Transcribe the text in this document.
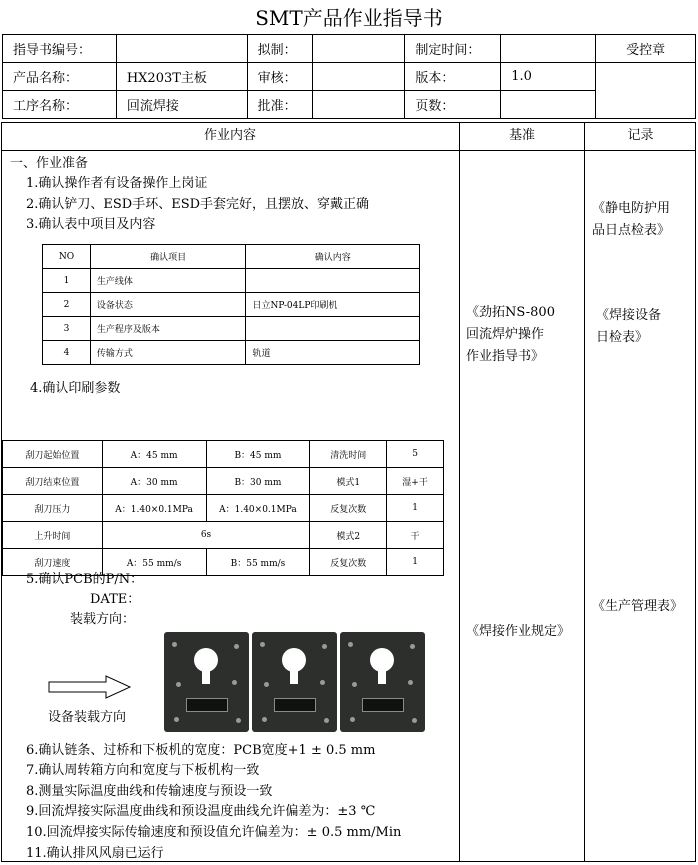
SMT产品作业指导书
指导书编号：		拟制：		制定时间：		受控章
产品名称：	HX203T主板	审核：		版本：	1.0	
工序名称：	回流焊接	批准：		页数：		
作业内容	基准	记录
一、作业准备
1.确认操作者有设备操作上岗证
2.确认铲刀、ESD手环、ESD手套完好，且摆放、穿戴正确
3.确认表中项目及内容
NO	确认项目	确认内容
1	生产线体	
2	设备状态	日立NP-04LP印刷机
3	生产程序及版本	
4	传输方式	轨道
4.确认印刷参数
刮刀起始位置	A：45 mm	B：45 mm	清洗时间	5
刮刀结束位置	A：30 mm	B：30 mm	模式1	湿+干
刮刀压力	A：1.40×0.1MPa	A：1.40×0.1MPa	反复次数	1
上升时间	6s		模式2	干
刮刀速度	A：55 mm/s	B：55 mm/s	反复次数	1
5.确认PCB的P/N：
DATE：
装载方向：
设备装载方向
6.确认链条、过桥和下板机的宽度：PCB宽度+1 ± 0.5 mm
7.确认周转箱方向和宽度与下板机构一致
8.测量实际温度曲线和传输速度与预设一致
9.回流焊接实际温度曲线和预设温度曲线允许偏差为：±3 ℃
10.回流焊接实际传输速度和预设值允许偏差为：± 0.5 mm/Min
11.确认排风风扇已运行
《劲拓NS-800
回流焊炉操作
作业指导书》
《焊接作业规定》
《静电防护用
品日点检表》
《焊接设备
日检表》
《生产管理表》
